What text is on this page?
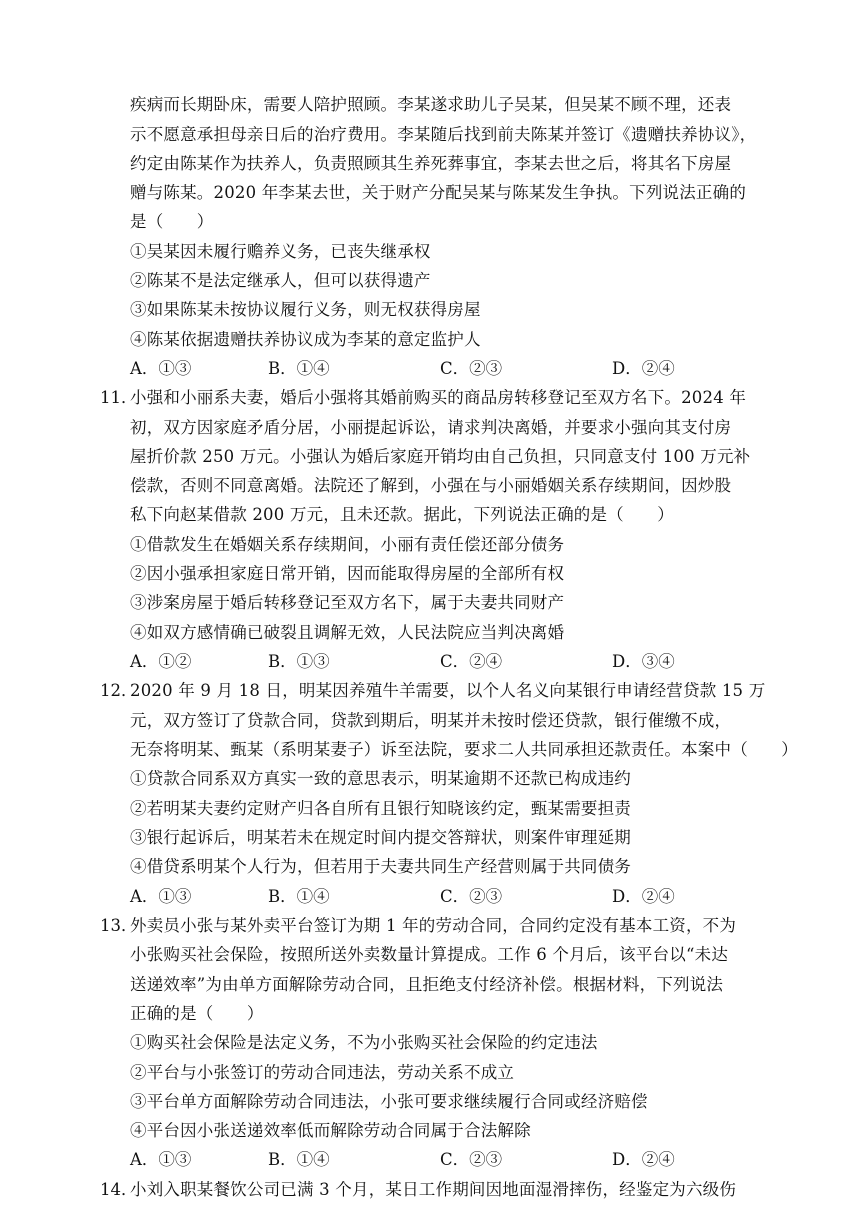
疾病而长期卧床，需要人陪护照顾。李某遂求助儿子吴某，但吴某不顾不理，还表
示不愿意承担母亲日后的治疗费用。李某随后找到前夫陈某并签订《遗赠扶养协议》，
约定由陈某作为扶养人，负责照顾其生养死葬事宜，李某去世之后，将其名下房屋
赠与陈某。2020 年李某去世，关于财产分配吴某与陈某发生争执。下列说法正确的
是（　　）
①吴某因未履行赡养义务，已丧失继承权
②陈某不是法定继承人，但可以获得遗产
③如果陈某未按协议履行义务，则无权获得房屋
④陈某依据遗赠扶养协议成为李某的意定监护人
A．①③	B．①④	C．②③	D．②④
11．
小强和小丽系夫妻，婚后小强将其婚前购买的商品房转移登记至双方名下。2024 年
初，双方因家庭矛盾分居，小丽提起诉讼，请求判决离婚，并要求小强向其支付房
屋折价款 250 万元。小强认为婚后家庭开销均由自己负担，只同意支付 100 万元补
偿款，否则不同意离婚。法院还了解到，小强在与小丽婚姻关系存续期间，因炒股
私下向赵某借款 200 万元，且未还款。据此，下列说法正确的是（　　）
①借款发生在婚姻关系存续期间，小丽有责任偿还部分债务
②因小强承担家庭日常开销，因而能取得房屋的全部所有权
③涉案房屋于婚后转移登记至双方名下，属于夫妻共同财产
④如双方感情确已破裂且调解无效，人民法院应当判决离婚
A．①②	B．①③	C．②④	D．③④
12．
2020 年 9 月 18 日，明某因养殖牛羊需要，以个人名义向某银行申请经营贷款 15 万
元，双方签订了贷款合同，贷款到期后，明某并未按时偿还贷款，银行催缴不成，
无奈将明某、甄某（系明某妻子）诉至法院，要求二人共同承担还款责任。本案中（　　）
①贷款合同系双方真实一致的意思表示，明某逾期不还款已构成违约
②若明某夫妻约定财产归各自所有且银行知晓该约定，甄某需要担责
③银行起诉后，明某若未在规定时间内提交答辩状，则案件审理延期
④借贷系明某个人行为，但若用于夫妻共同生产经营则属于共同债务
A．①③	B．①④	C．②③	D．②④
13．
外卖员小张与某外卖平台签订为期 1 年的劳动合同，合同约定没有基本工资，不为
小张购买社会保险，按照所送外卖数量计算提成。工作 6 个月后，该平台以“未达
送递效率”为由单方面解除劳动合同，且拒绝支付经济补偿。根据材料，下列说法
正确的是（　　）
①购买社会保险是法定义务，不为小张购买社会保险的约定违法
②平台与小张签订的劳动合同违法，劳动关系不成立
③平台单方面解除劳动合同违法，小张可要求继续履行合同或经济赔偿
④平台因小张送递效率低而解除劳动合同属于合法解除
A．①③	B．①④	C．②③	D．②④
14．
小刘入职某餐饮公司已满 3 个月，某日工作期间因地面湿滑摔伤，经鉴定为六级伤
